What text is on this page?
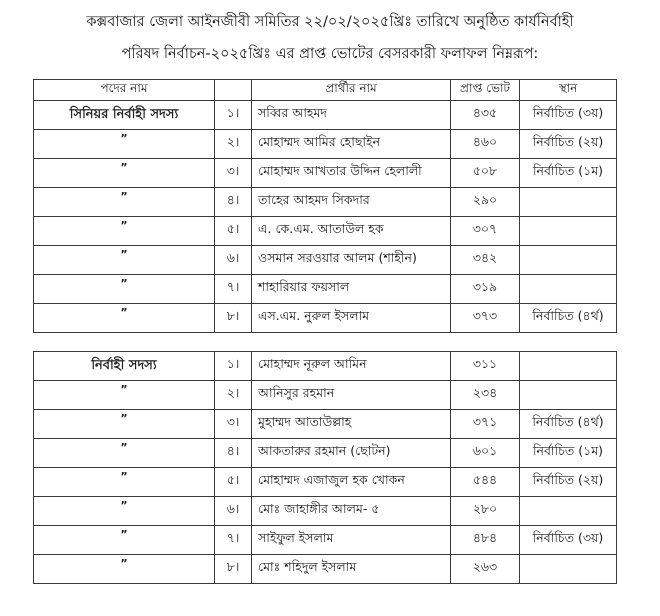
কক্সবাজার জেলা আইনজীবী সমিতির ২২/০২/২০২৫খ্রিঃ তারিখে অনুষ্ঠিত কার্যনির্বাহী
পরিষদ নির্বাচন-২০২৫খ্রিঃ এর প্রাপ্ত ভোটের বেসরকারী ফলাফল নিম্নরূপ:
পদের নাম		প্রার্থীর নাম	প্রাপ্ত ভোট	স্থান
সিনিয়র নির্বাহী সদস্য	১।	সব্বির আহমদ	৪৩৫	নির্বাচিত (৩য়)
”	২।	মোহাম্মদ আমির হোছাইন	৪৬০	নির্বাচিত (২য়)
”	৩।	মোহাম্মদ আখতার উদ্দিন হেলালী	৫০৮	নির্বাচিত (১ম)
”	৪।	তাহের আহমদ সিকদার	২৯০	
”	৫।	এ. কে.এম. আতাউল হক	৩০৭	
”	৬।	ওসমান সরওয়ার আলম (শাহীন)	৩৪২	
”	৭।	শাহারিয়ার ফয়সাল	৩১৯	
”	৮।	এস.এম. নুরুল ইসলাম	৩৭৩	নির্বাচিত (৪র্থ)
নির্বাহী সদস্য	১।	মোহাম্মদ নূরুল আমিন	৩১১	
”	২।	আনিসুর রহমান	২৩৪	
”	৩।	মুহাম্মদ আতাউল্লাহ	৩৭১	নির্বাচিত (৪র্থ)
”	৪।	আকতারুর রহমান (ছোটন)	৬০১	নির্বাচিত (১ম)
”	৫।	মোহাম্মদ এজাজুল হক খোকন	৫৪৪	নির্বাচিত (২য়)
”	৬।	মোঃ জাহাঙ্গীর আলম- ৫	২৮০	
”	৭।	সাইফুল ইসলাম	৪৮৪	নির্বাচিত (৩য়)
”	৮।	মোঃ শহিদুল ইসলাম	২৬৩	
